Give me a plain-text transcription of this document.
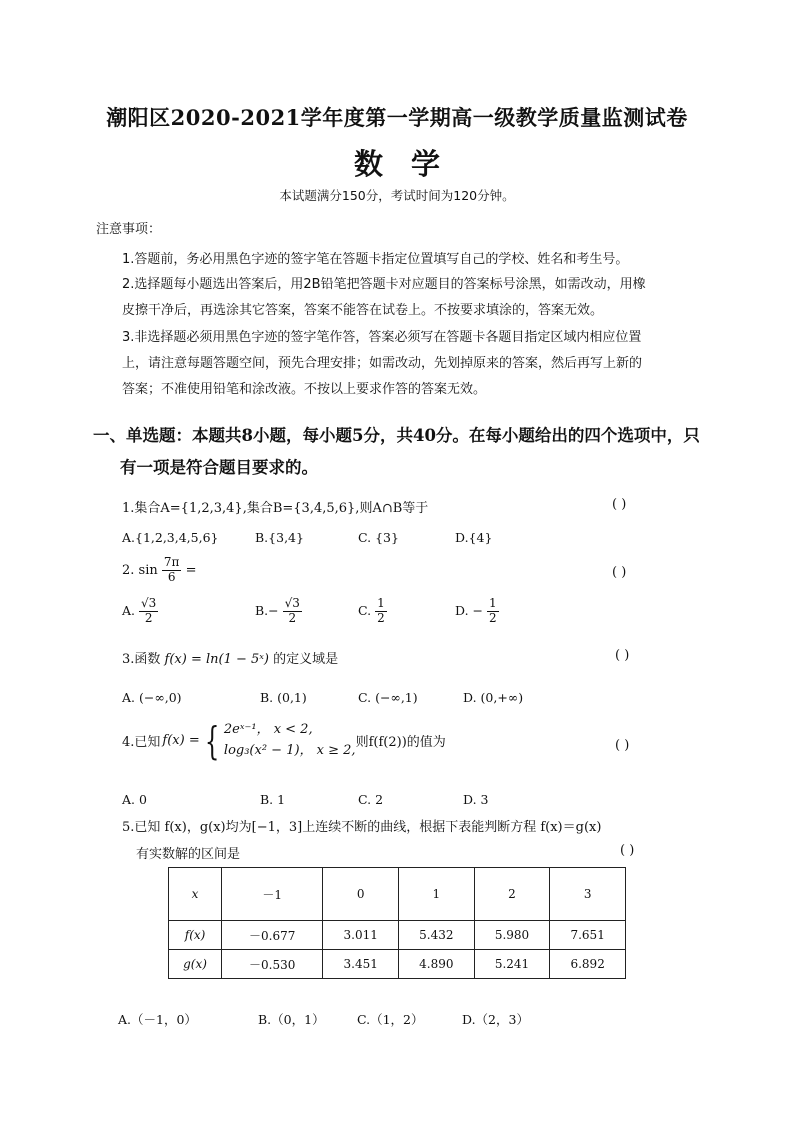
潮阳区2020-2021学年度第一学期高一级教学质量监测试卷
数学
本试题满分150分，考试时间为120分钟。
注意事项：
1.答题前，务必用黑色字迹的签字笔在答题卡指定位置填写自己的学校、姓名和考生号。
2.选择题每小题选出答案后，用2B铅笔把答题卡对应题目的答案标号涂黑，如需改动，用橡
皮擦干净后，再选涂其它答案，答案不能答在试卷上。不按要求填涂的，答案无效。
3.非选择题必须用黑色字迹的签字笔作答，答案必须写在答题卡各题目指定区域内相应位置
上，请注意每题答题空间，预先合理安排；如需改动，先划掉原来的答案，然后再写上新的
答案；不准使用铅笔和涂改液。不按以上要求作答的答案无效。
一、单选题：本题共8小题，每小题5分，共40分。在每小题给出的四个选项中，只
有一项是符合题目要求的。
1.集合A={1,2,3,4},集合B={3,4,5,6},则A∩B等于	( )
A.{1,2,3,4,5,6}	B.{3,4}	C. {3}	D.{4}
2. $\sin \frac{7\pi}{6}$ =	( )
A. $\frac{√3}{2}$	$B.- \frac{√3}{2}$	C. $\frac{1}{2}$	D. − $\frac{1}{2}$
3.函数 f(x) = ln(1 − 5ˣ) 的定义域是	( )
A. (−∞,0)	B. (0,1)	C. (−∞,1)	D. (0,+∞)
4.已知 f(x) = { 2eˣ⁻¹， x < 2,
log₃(x² − 1)， x ≥ 2, 则f(f(2))的值为	( )
A. 0	B. 1	C. 2	D. 3
5.已知 f(x)，g(x)均为[−1，3]上连续不断的曲线，根据下表能判断方程 f(x)＝g(x)
有实数解的区间是	( )
x	－1	0	1	2	3
f(x)	－0.677	3.011	5.432	5.980	7.651
g(x)	－0.530	3.451	4.890	5.241	6.892
A.（－1，0）	B.（0，1）	C.（1，2）	D.（2，3）
